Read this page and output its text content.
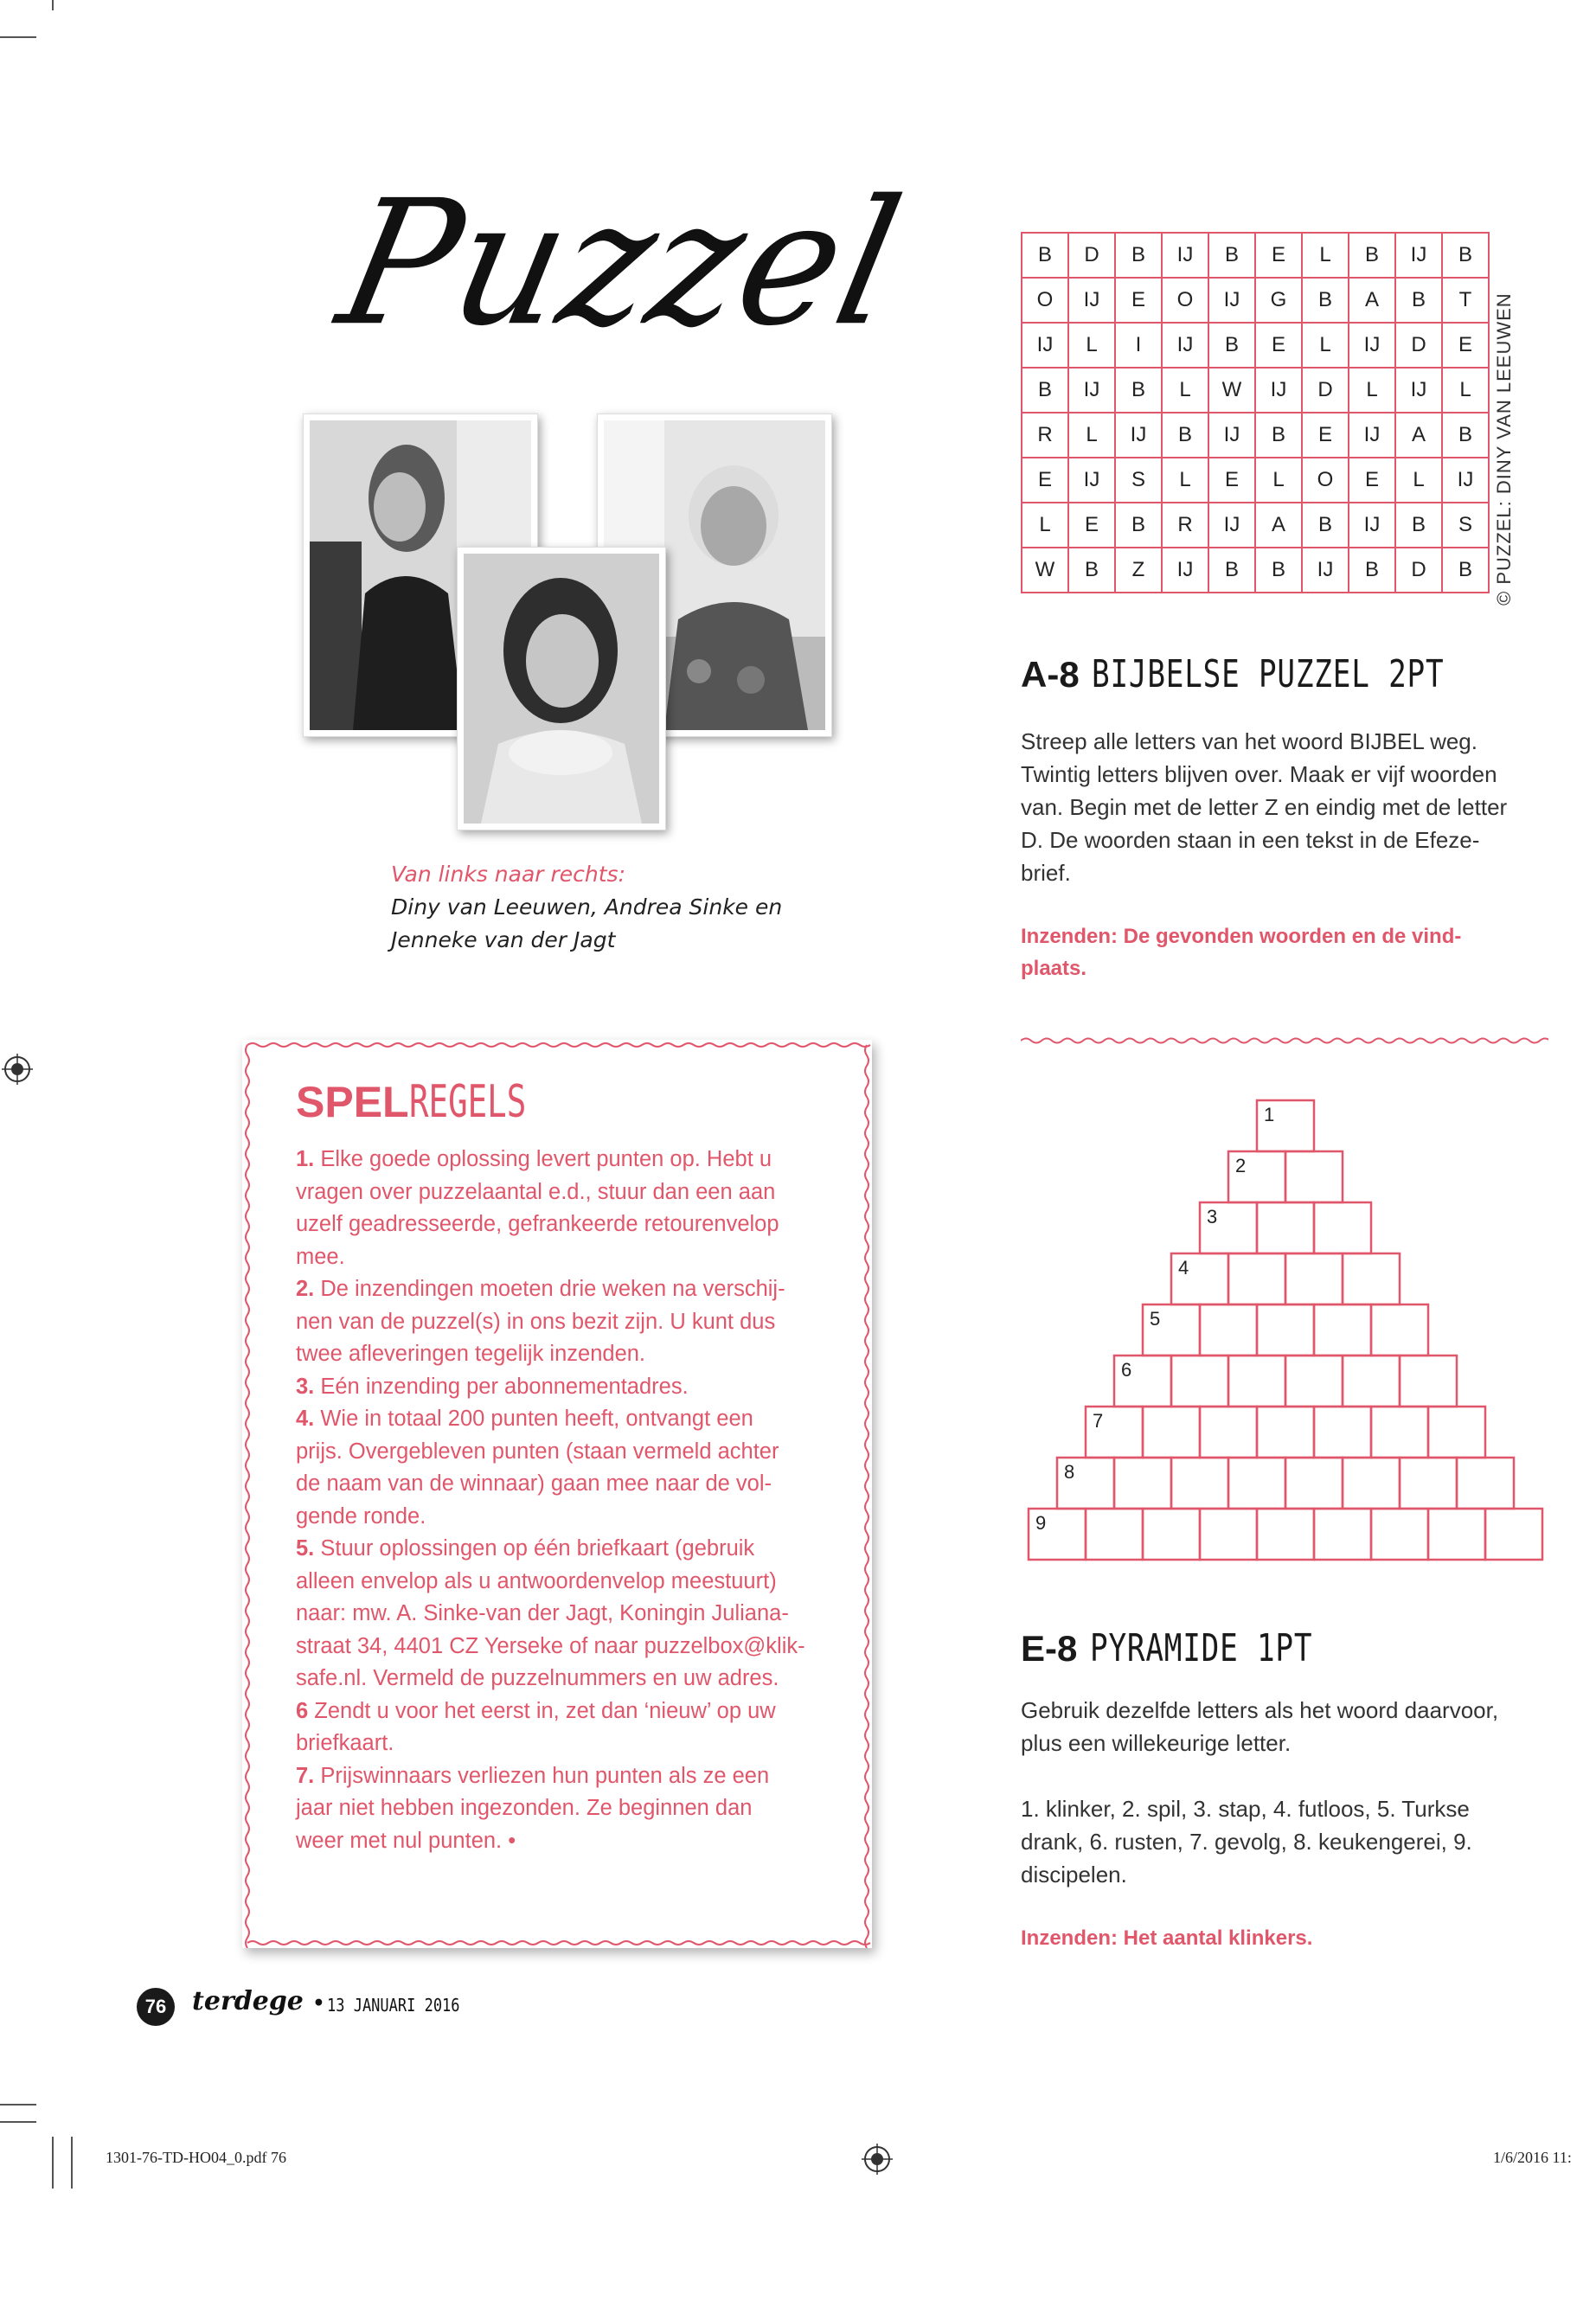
Puzzel
Van links naar rechts:
Diny van Leeuwen, Andrea Sinke en
Jenneke van der Jagt
B	D	B	IJ	B	E	L	B	IJ	B
O	IJ	E	O	IJ	G	B	A	B	T
IJ	L	I	IJ	B	E	L	IJ	D	E
B	IJ	B	L	W	IJ	D	L	IJ	L
R	L	IJ	B	IJ	B	E	IJ	A	B
E	IJ	S	L	E	L	O	E	L	IJ
L	E	B	R	IJ	A	B	IJ	B	S
W	B	Z	IJ	B	B	IJ	B	D	B © PUZZEL: DINY VAN LEEUWEN
A-8 BIJBELSE PUZZEL 2PT
Streep alle letters van het woord BIJBEL weg.
Twintig letters blijven over. Maak er vijf woorden
van. Begin met de letter Z en eindig met de letter
D. De woorden staan in een tekst in de Efeze-
brief.
Inzenden: De gevonden woorden en de vind-
plaats.
SPELREGELS
1. Elke goede oplossing levert punten op. Hebt u
vragen over puzzelaantal e.d., stuur dan een aan
uzelf geadresseerde, gefrankeerde retourenvelop
mee.
2. De inzendingen moeten drie weken na verschij-
nen van de puzzel(s) in ons bezit zijn. U kunt dus
twee afleveringen tegelijk inzenden.
3. Eén inzending per abonnementadres.
4. Wie in totaal 200 punten heeft, ontvangt een
prijs. Overgebleven punten (staan vermeld achter
de naam van de winnaar) gaan mee naar de vol-
gende ronde.
5. Stuur oplossingen op één briefkaart (gebruik
alleen envelop als u antwoordenvelop meestuurt)
naar: mw. A. Sinke-van der Jagt, Koningin Juliana-
straat 34, 4401 CZ Yerseke of naar puzzelbox@klik-
safe.nl. Vermeld de puzzelnummers en uw adres.
6 Zendt u voor het eerst in, zet dan ‘nieuw’ op uw
briefkaart.
7. Prijswinnaars verliezen hun punten als ze een
jaar niet hebben ingezonden. Ze beginnen dan
weer met nul punten. •
1
2
3
4
5
6
7
8
9
E-8 PYRAMIDE 1PT
Gebruik dezelfde letters als het woord daarvoor,
plus een willekeurige letter.
1. klinker, 2. spil, 3. stap, 4. futloos, 5. Turkse
drank, 6. rusten, 7. gevolg, 8. keukengerei, 9.
discipelen.
Inzenden: Het aantal klinkers.
76 terdege • 13 JANUARI 2016
1301-76-TD-HO04_0.pdf 76	1/6/2016 11:
